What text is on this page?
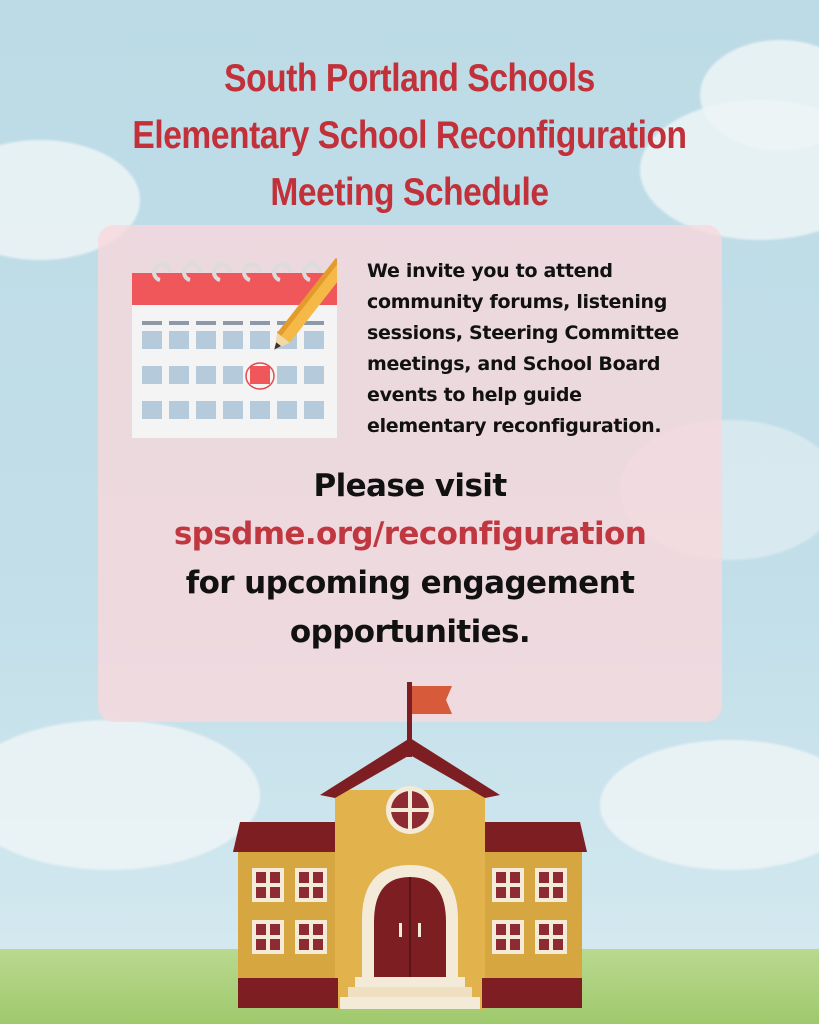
South Portland Schools
Elementary School Reconfiguration
Meeting Schedule
We invite you to attend
community forums, listening
sessions, Steering Committee
meetings, and School Board
events to help guide
elementary reconfiguration.
Please visit
spsdme.org/reconfiguration
for upcoming engagement
opportunities.
